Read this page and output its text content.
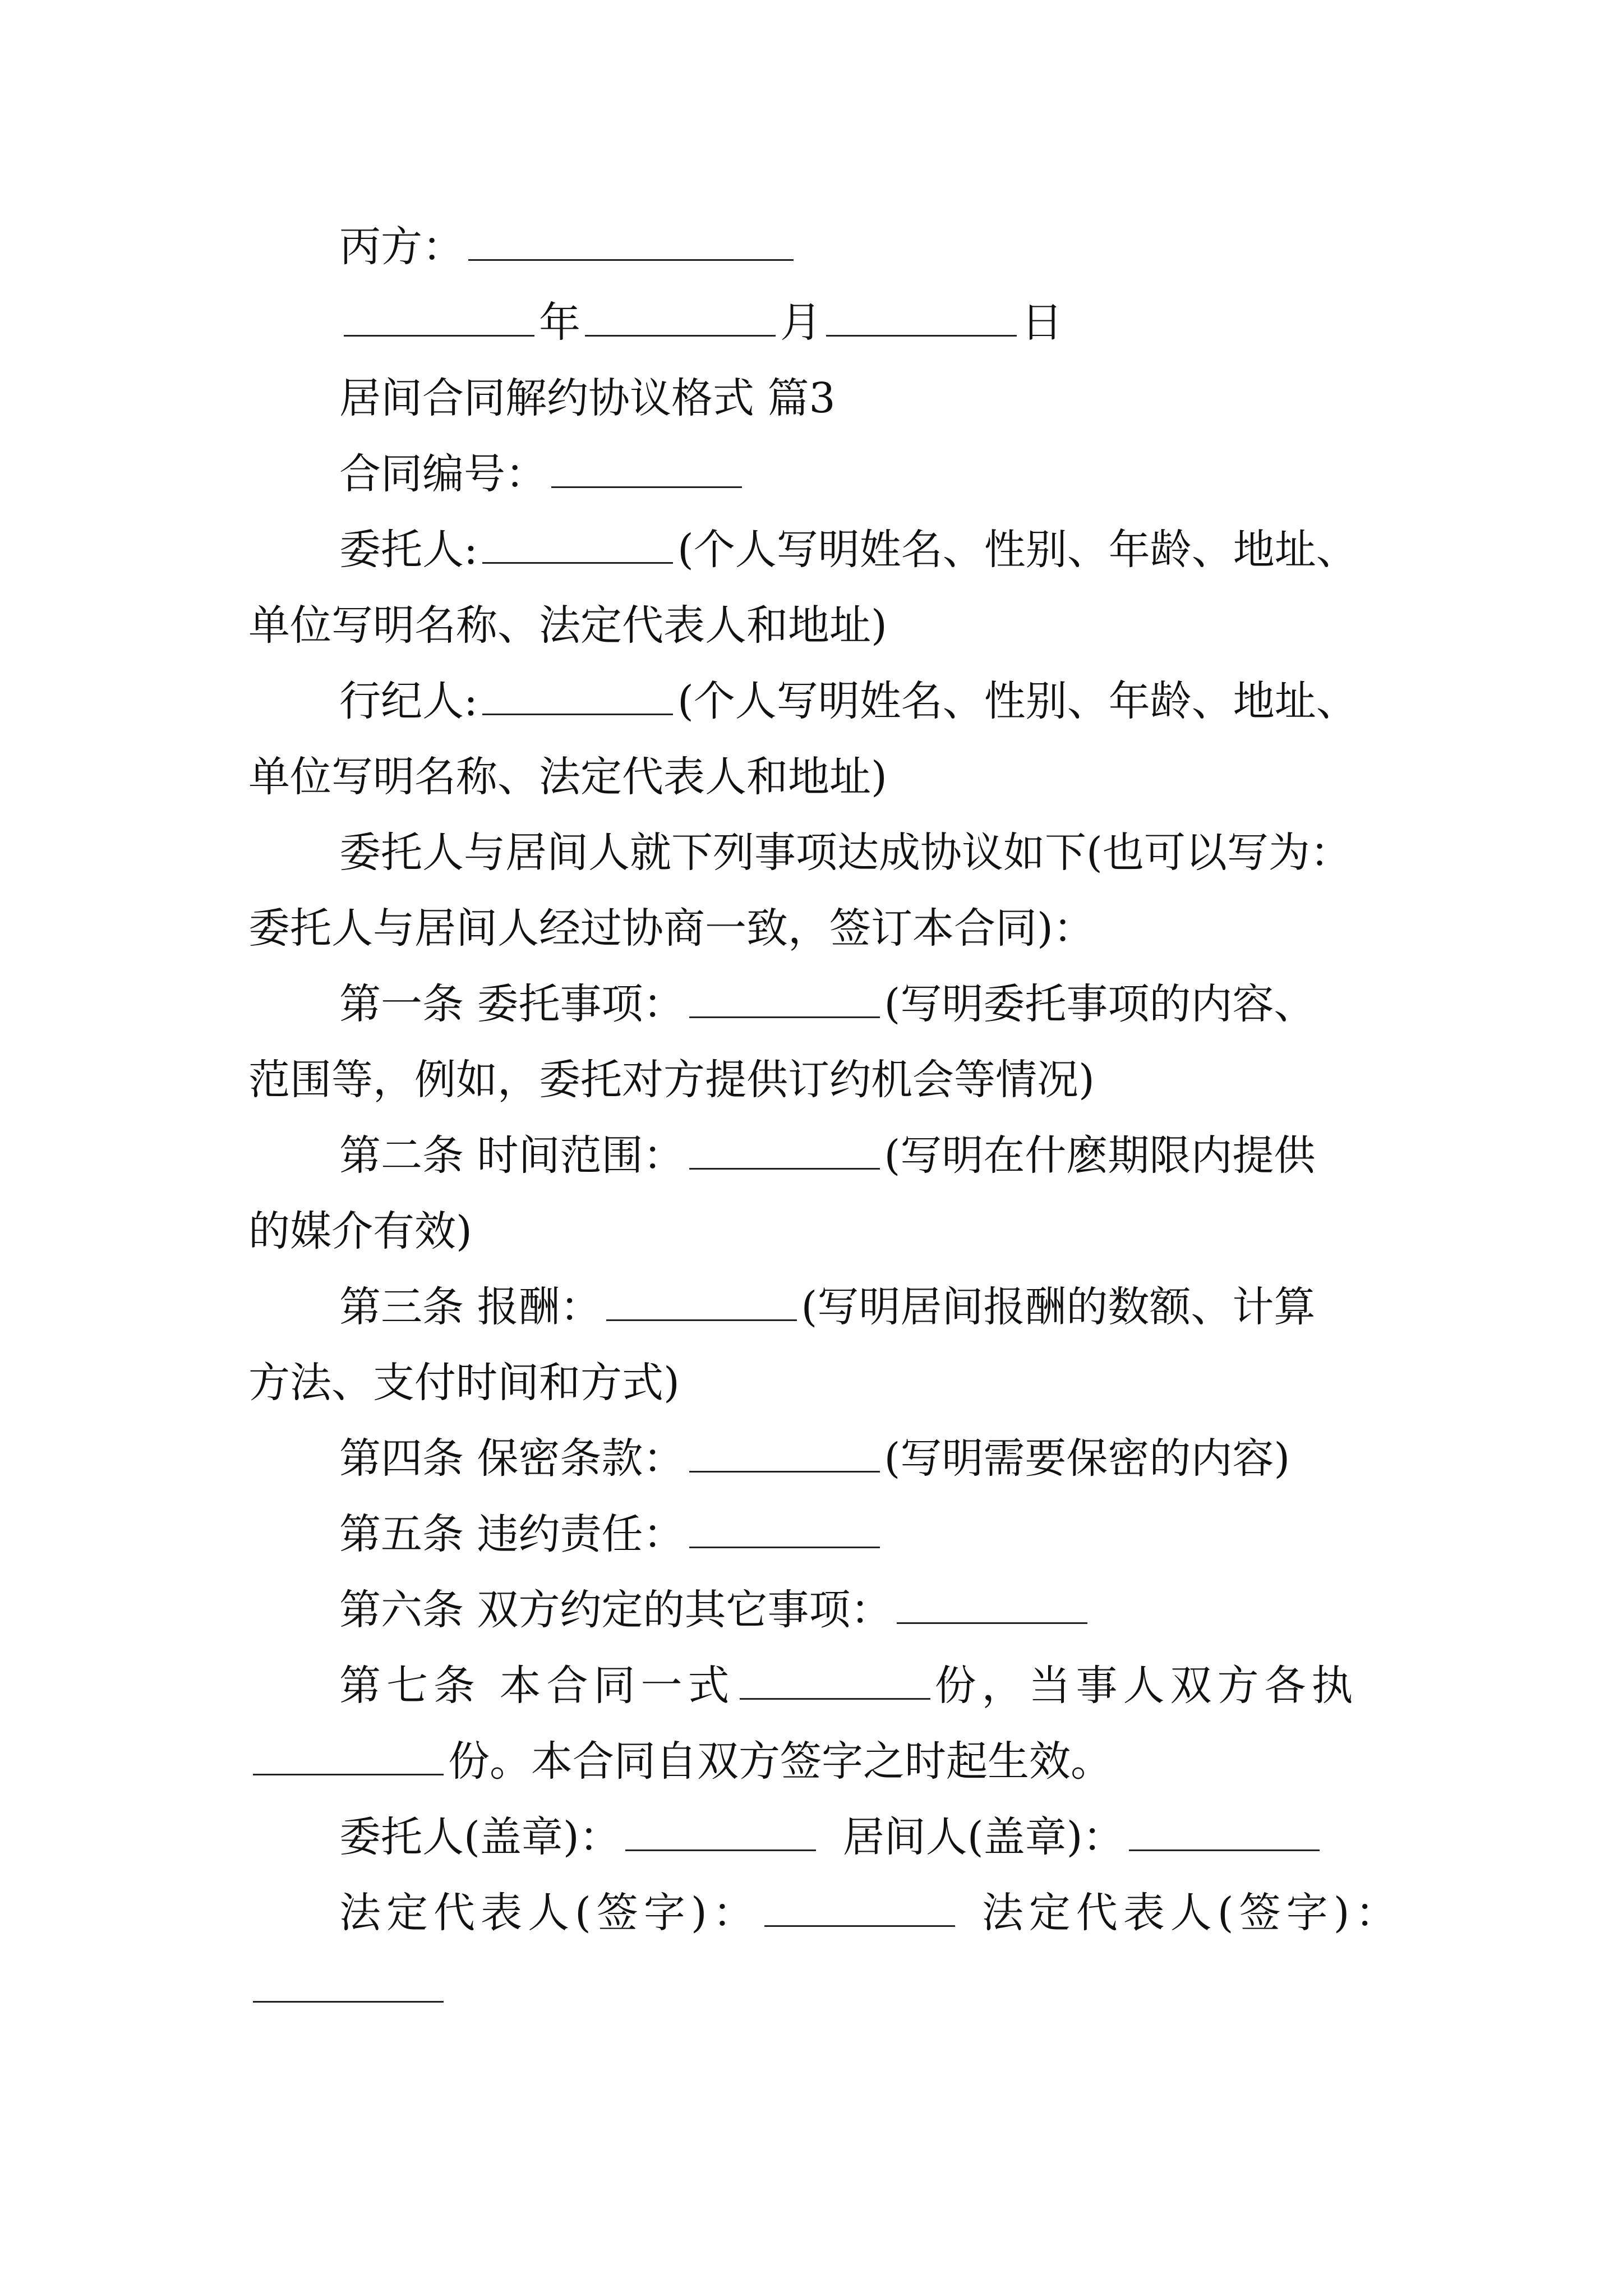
丙方：
年	月	日
居间合同解约协议格式 篇3
合同编号：
委托人:	(个人写明姓名、性别、年龄、地址、
单位写明名称、法定代表人和地址)
行纪人:	(个人写明姓名、性别、年龄、地址、
单位写明名称、法定代表人和地址)
委托人与居间人就下列事项达成协议如下(也可以写为：
委托人与居间人经过协商一致，签订本合同)：
第一条 委托事项：	(写明委托事项的内容、
范围等，例如，委托对方提供订约机会等情况)
第二条 时间范围：	(写明在什麽期限内提供
的媒介有效)
第三条 报酬：	(写明居间报酬的数额、计算
方法、支付时间和方式)
第四条 保密条款：	(写明需要保密的内容)
第五条 违约责任：
第六条 双方约定的其它事项：
第七条 本合同一式	份，当事人双方各执
份。本合同自双方签字之时起生效。
委托人(盖章)：	居间人(盖章)：
法定代表人(签字)：	法定代表人(签字)：
